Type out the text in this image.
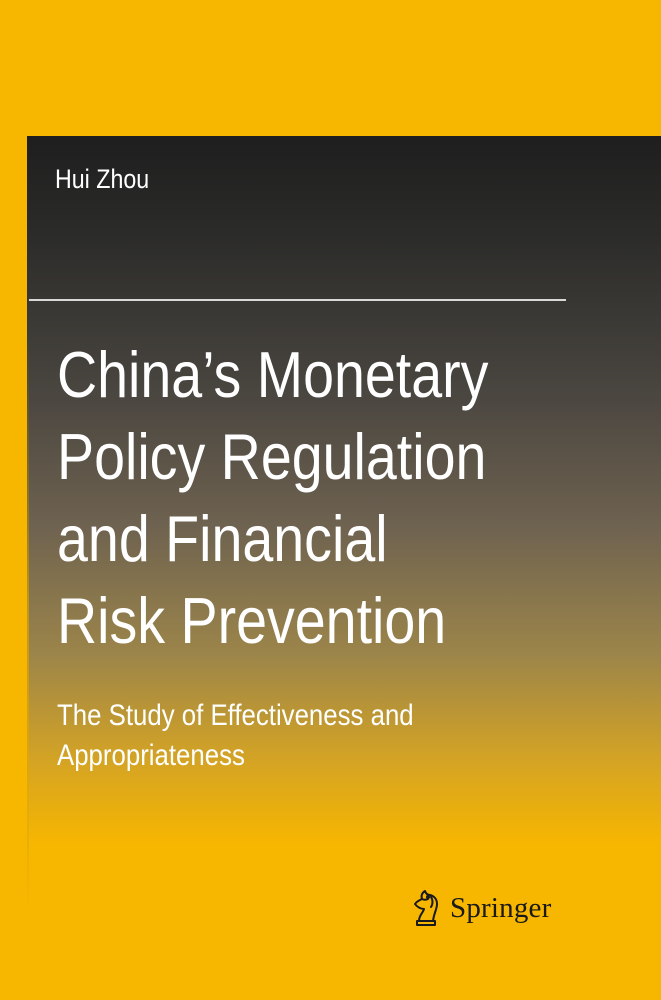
Hui Zhou

China’s Monetary
Policy Regulation
and Financial
Risk Prevention

The Study of Effectiveness and
Appropriateness

Springer
